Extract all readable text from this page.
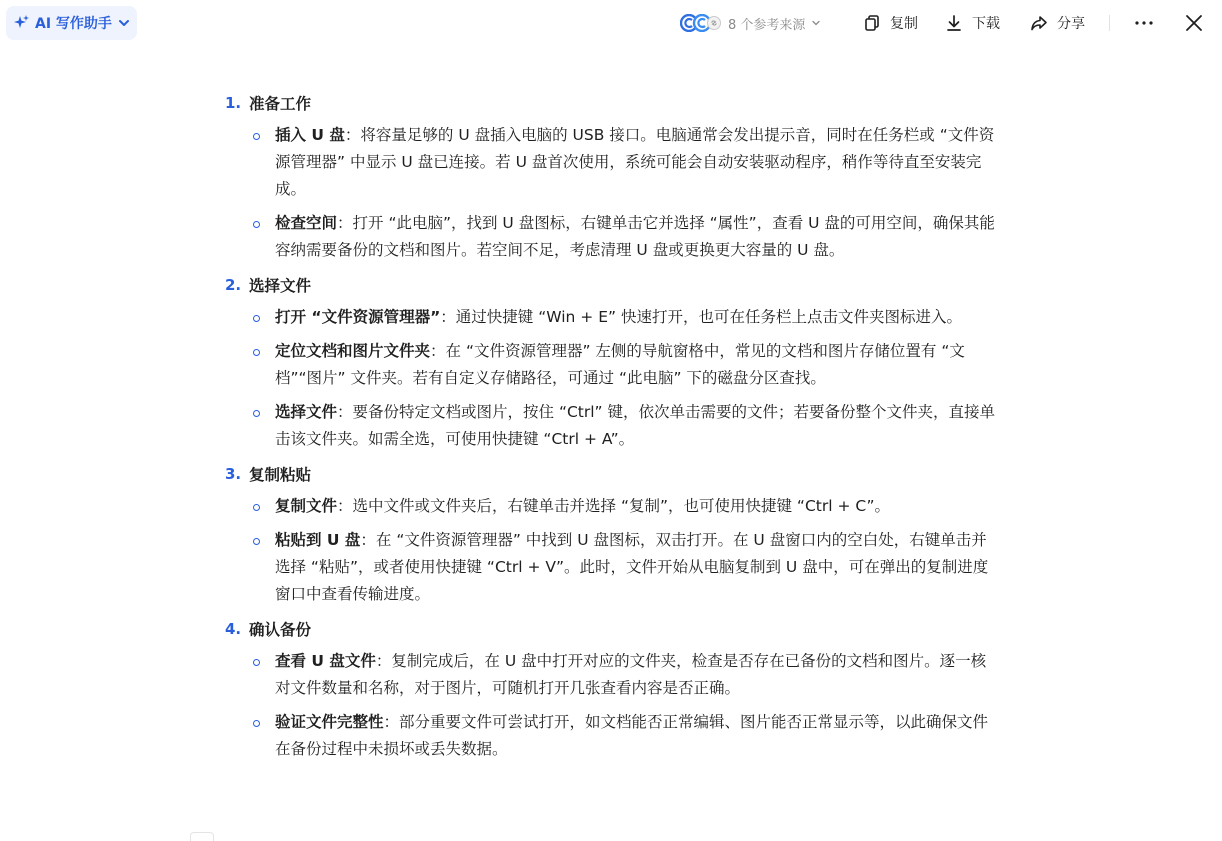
AI 写作助手	8 个参考来源	复制	下载	分享
1. 准备工作
插入 U 盘：将容量足够的 U 盘插入电脑的 USB 接口。电脑通常会发出提示音，同时在任务栏或 “文件资源管理器” 中显示 U 盘已连接。若 U 盘首次使用，系统可能会自动安装驱动程序，稍作等待直至安装完成。
检查空间：打开 “此电脑”，找到 U 盘图标，右键单击它并选择 “属性”，查看 U 盘的可用空间，确保其能容纳需要备份的文档和图片。若空间不足，考虑清理 U 盘或更换更大容量的 U 盘。
2. 选择文件
打开 “文件资源管理器”：通过快捷键 “Win + E” 快速打开，也可在任务栏上点击文件夹图标进入。
定位文档和图片文件夹：在 “文件资源管理器” 左侧的导航窗格中，常见的文档和图片存储位置有 “文档”“图片” 文件夹。若有自定义存储路径，可通过 “此电脑” 下的磁盘分区查找。
选择文件：要备份特定文档或图片，按住 “Ctrl” 键，依次单击需要的文件；若要备份整个文件夹，直接单击该文件夹。如需全选，可使用快捷键 “Ctrl + A”。
3. 复制粘贴
复制文件：选中文件或文件夹后，右键单击并选择 “复制”，也可使用快捷键 “Ctrl + C”。
粘贴到 U 盘：在 “文件资源管理器” 中找到 U 盘图标，双击打开。在 U 盘窗口内的空白处，右键单击并选择 “粘贴”，或者使用快捷键 “Ctrl + V”。此时，文件开始从电脑复制到 U 盘中，可在弹出的复制进度窗口中查看传输进度。
4. 确认备份
查看 U 盘文件：复制完成后，在 U 盘中打开对应的文件夹，检查是否存在已备份的文档和图片。逐一核对文件数量和名称，对于图片，可随机打开几张查看内容是否正确。
验证文件完整性：部分重要文件可尝试打开，如文档能否正常编辑、图片能否正常显示等，以此确保文件在备份过程中未损坏或丢失数据。
